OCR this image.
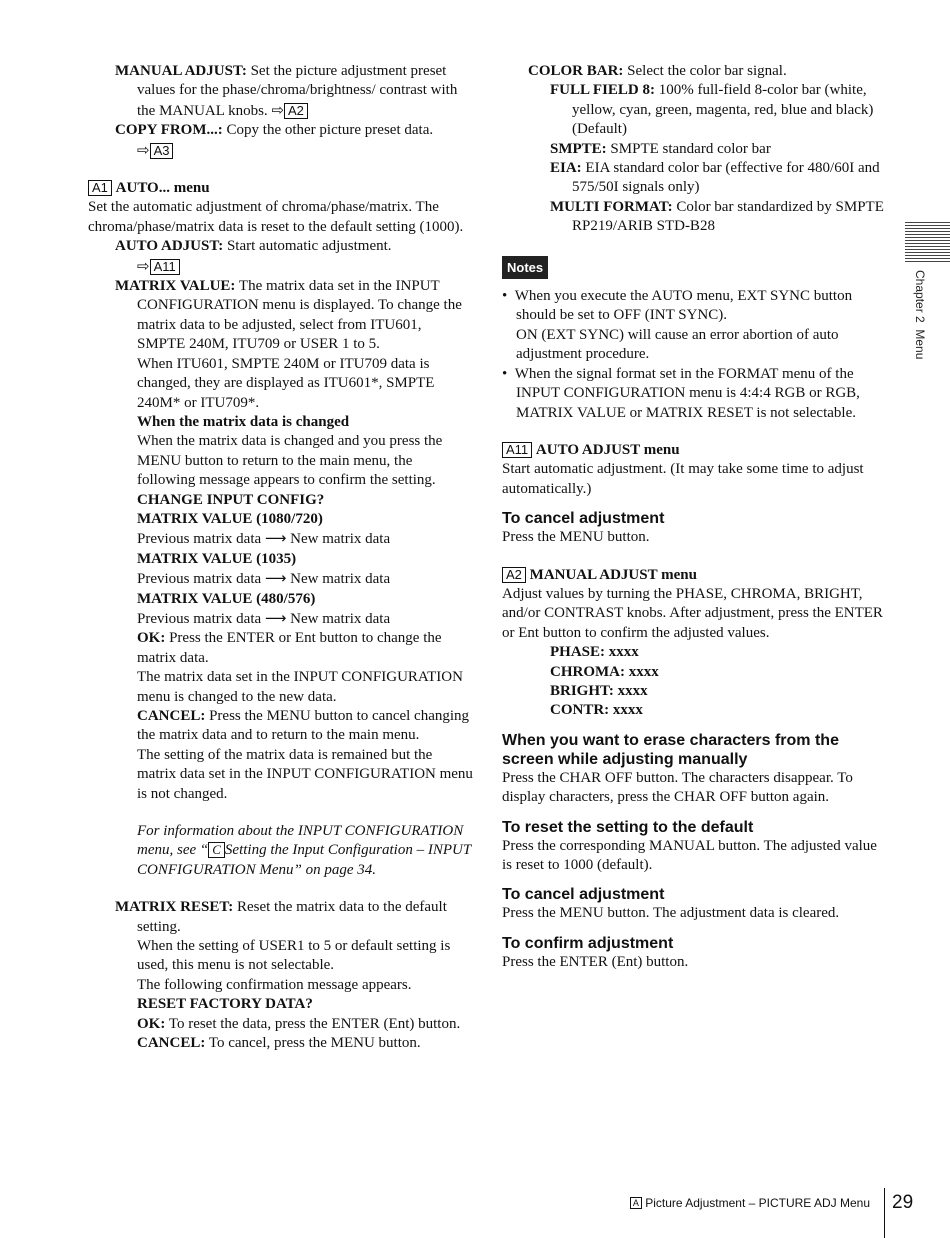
MANUAL ADJUST: Set the picture adjustment preset values for the phase/chroma/brightness/ contrast with the MANUAL knobs. ⇨ A2

COPY FROM...: Copy the other picture preset data.
⇨ A3

A1 AUTO... menu

Set the automatic adjustment of chroma/phase/matrix. The chroma/phase/matrix data is reset to the default setting (1000).

AUTO ADJUST: Start automatic adjustment.
⇨ A11

MATRIX VALUE: The matrix data set in the INPUT CONFIGURATION menu is displayed. To change the matrix data to be adjusted, select from ITU601, SMPTE 240M, ITU709 or USER 1 to 5.

When ITU601, SMPTE 240M or ITU709 data is changed, they are displayed as ITU601*, SMPTE 240M* or ITU709*.

When the matrix data is changed

When the matrix data is changed and you press the MENU button to return to the main menu, the following message appears to confirm the setting.

CHANGE INPUT CONFIG?

MATRIX VALUE (1080/720)

Previous matrix data ⟶ New matrix data

MATRIX VALUE (1035)

Previous matrix data ⟶ New matrix data

MATRIX VALUE (480/576)

Previous matrix data ⟶ New matrix data

OK: Press the ENTER or Ent button to change the matrix data.

The matrix data set in the INPUT CONFIGURATION menu is changed to the new data.

CANCEL: Press the MENU button to cancel changing the matrix data and to return to the main menu.

The setting of the matrix data is remained but the matrix data set in the INPUT CONFIGURATION menu is not changed.

For information about the INPUT CONFIGURATION menu, see “ C Setting the Input Configuration – INPUT CONFIGURATION Menu” on page 34.

MATRIX RESET: Reset the matrix data to the default setting.

When the setting of USER1 to 5 or default setting is used, this menu is not selectable.

The following confirmation message appears.

RESET FACTORY DATA?

OK: To reset the data, press the ENTER (Ent) button.

CANCEL: To cancel, press the MENU button.

COLOR BAR: Select the color bar signal.

FULL FIELD 8: 100% full-field 8-color bar (white, yellow, cyan, green, magenta, red, blue and black) (Default)

SMPTE: SMPTE standard color bar

EIA: EIA standard color bar (effective for 480/60I and 575/50I signals only)

MULTI FORMAT: Color bar standardized by SMPTE RP219/ARIB STD-B28

Notes

•  When you execute the AUTO menu, EXT SYNC button should be set to OFF (INT SYNC).

ON (EXT SYNC) will cause an error abortion of auto adjustment procedure.

•  When the signal format set in the FORMAT menu of the INPUT CONFIGURATION menu is 4:4:4 RGB or RGB, MATRIX VALUE or MATRIX RESET is not selectable.

A11 AUTO ADJUST menu

Start automatic adjustment. (It may take some time to adjust automatically.)

To cancel adjustment

Press the MENU button.

A2 MANUAL ADJUST menu

Adjust values by turning the PHASE, CHROMA, BRIGHT, and/or CONTRAST knobs. After adjustment, press the ENTER or Ent button to confirm the adjusted values.

PHASE: xxxx

CHROMA: xxxx

BRIGHT: xxxx

CONTR: xxxx

When you want to erase characters from the screen while adjusting manually

Press the CHAR OFF button. The characters disappear. To display characters, press the CHAR OFF button again.

To reset the setting to the default

Press the corresponding MANUAL button. The adjusted value is reset to 1000 (default).

To cancel adjustment

Press the MENU button. The adjustment data is cleared.

To confirm adjustment

Press the ENTER (Ent) button.

Chapter 2  Menu
A Picture Adjustment – PICTURE ADJ Menu 29
